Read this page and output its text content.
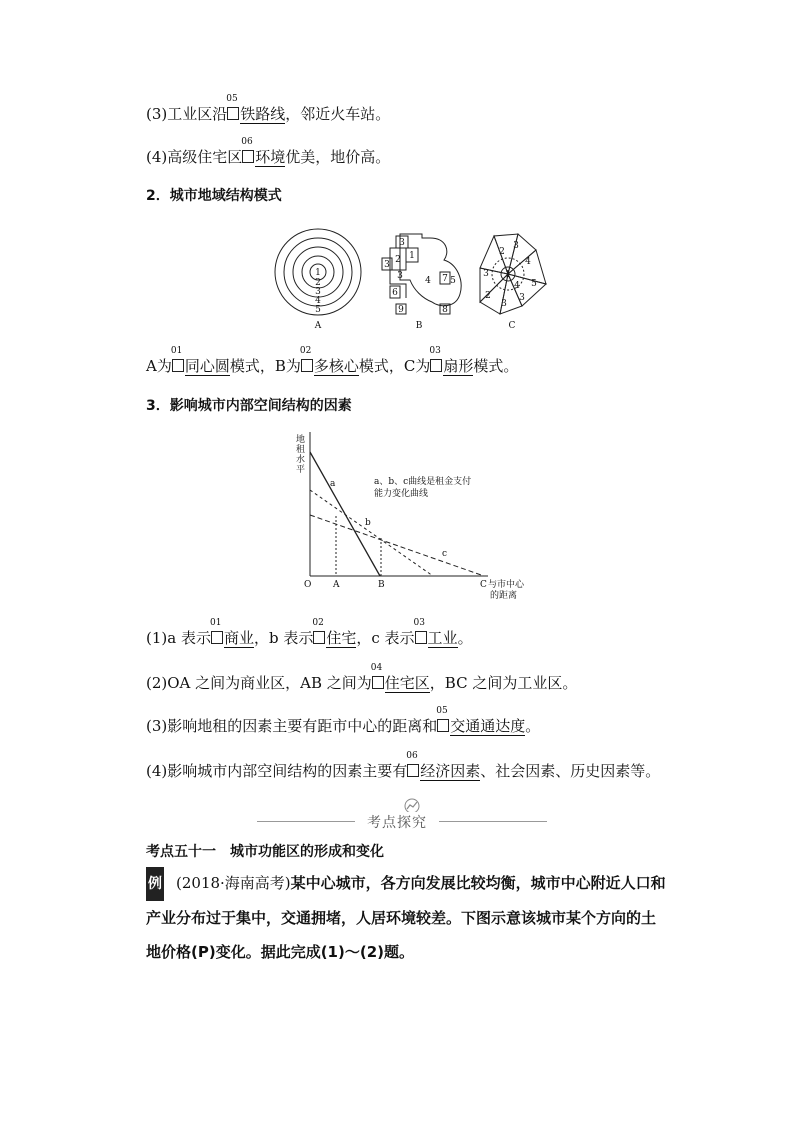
(3)工业区沿
05
铁路线，邻近火车站。
(4)高级住宅区
06
环境优美，地价高。
2．城市地域结构模式
1
2
3
4
5
A
1
2
3
3
3 4 5
6
7
8
9
B
1
2
2
3
3
3
3
4
4 5
C
A为
01
同心圆模式，B为
02
多核心模式，C为
03
扇形模式。
3．影响城市内部空间结构的因素
地
租
水
平
O A	B	C 与市中心
的距离
a
b
c
a、b、c曲线是租金支付
能力变化曲线
(1)a 表示
01
商业，b 表示
02
住宅，c 表示
03
工业。
(2)OA 之间为商业区，AB 之间为
04
住宅区，BC 之间为工业区。
(3)影响地租的因素主要有距市中心的距离和
05
交通通达度。
(4)影响城市内部空间结构的因素主要有
06
经济因素、社会因素、历史因素等。
考点探究
考点五十一　城市功能区的形成和变化
例 (2018·海南高考)某中心城市，各方向发展比较均衡，城市中心附近人口和产业分布过于集中，交通拥堵，人居环境较差。下图示意该城市某个方向的土地价格(P)变化。据此完成(1)～(2)题。
